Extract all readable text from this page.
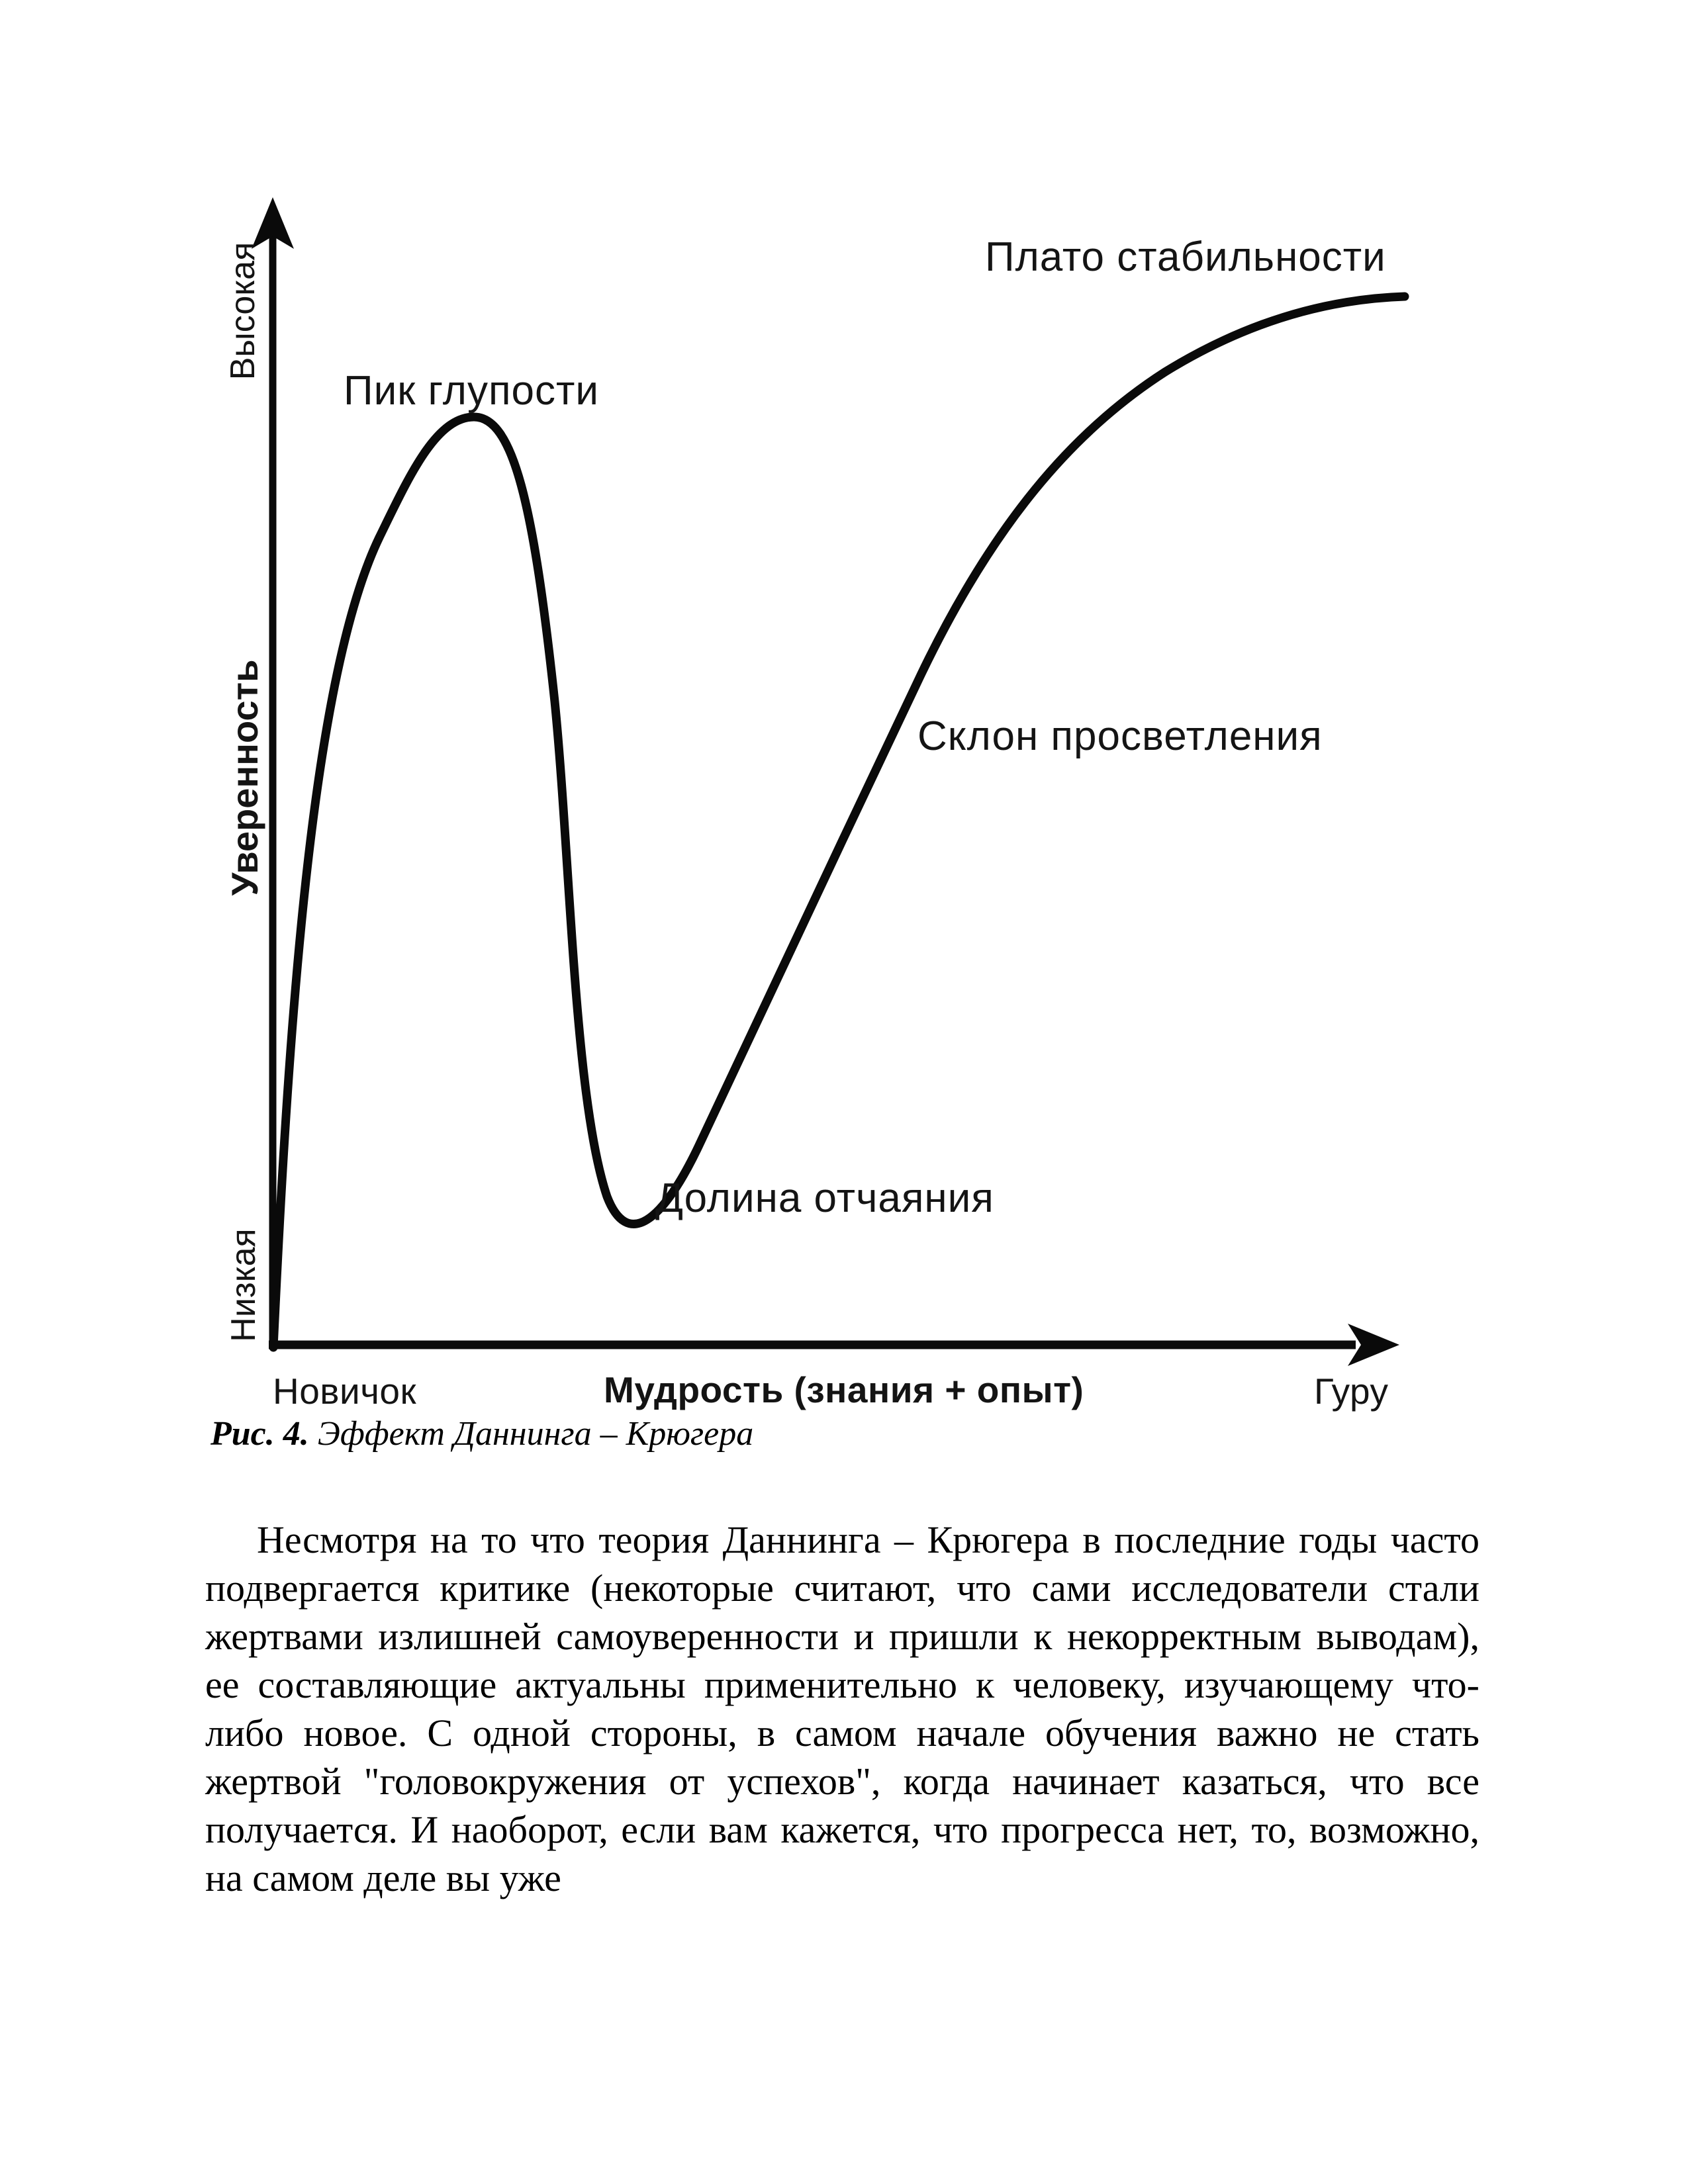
Пик глупости
Плато стабильности
Склон просветления
Долина отчаяния
Высокая
Уверенность
Низкая
Новичок	Мудрость (знания + опыт)	Гуру
Рис. 4. Эффект Даннинга – Крюгера

Несмотря на то что теория Даннинга – Крюгера в последние годы часто подвергается критике (некоторые считают, что сами исследователи стали жертвами излишней самоуверенности и пришли к некорректным выводам), ее составляющие актуальны применительно к человеку, изучающему что-либо новое. С одной стороны, в самом начале обучения важно не стать жертвой "головокружения от успехов", когда начинает казаться, что все получается. И наоборот, если вам кажется, что прогресса нет, то, возможно, на самом деле вы уже
